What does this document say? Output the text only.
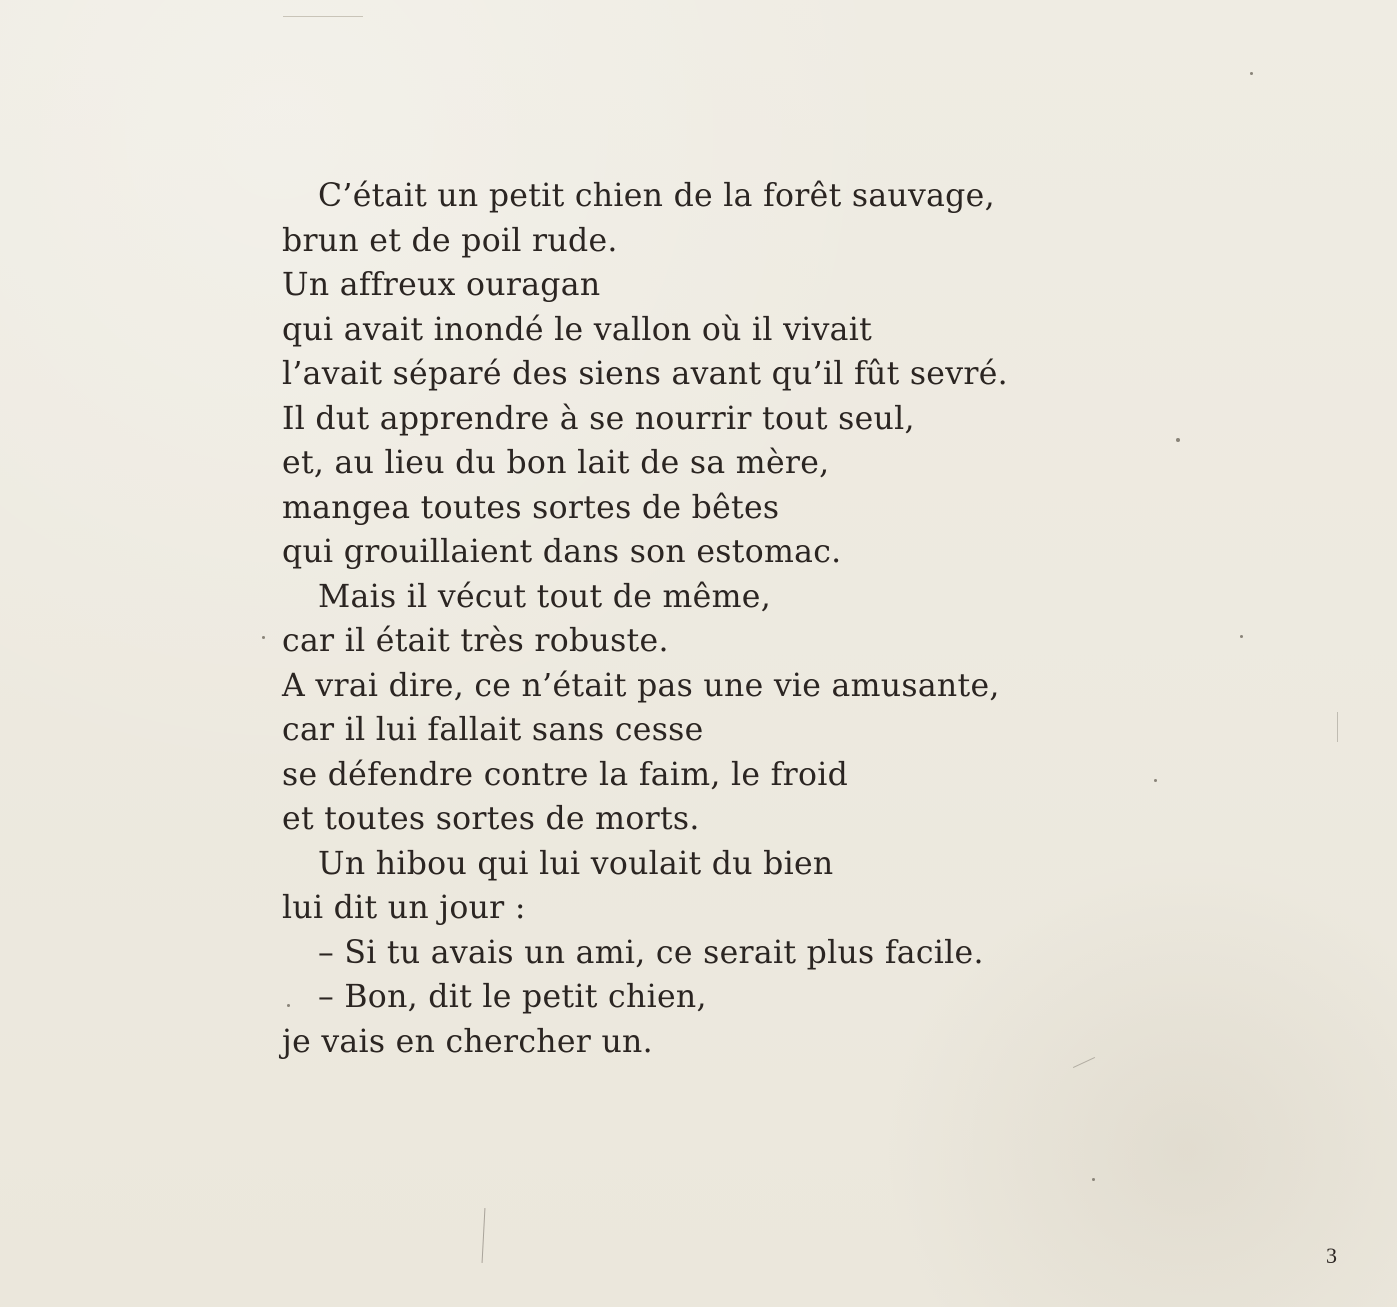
C’était un petit chien de la forêt sauvage,
brun et de poil rude.
Un affreux ouragan
qui avait inondé le vallon où il vivait
l’avait séparé des siens avant qu’il fût sevré.
Il dut apprendre à se nourrir tout seul,
et, au lieu du bon lait de sa mère,
mangea toutes sortes de bêtes
qui grouillaient dans son estomac.
Mais il vécut tout de même,
car il était très robuste.
A vrai dire, ce n’était pas une vie amusante,
car il lui fallait sans cesse
se défendre contre la faim, le froid
et toutes sortes de morts.
Un hibou qui lui voulait du bien
lui dit un jour :
– Si tu avais un ami, ce serait plus facile.
– Bon, dit le petit chien,
je vais en chercher un.
3
